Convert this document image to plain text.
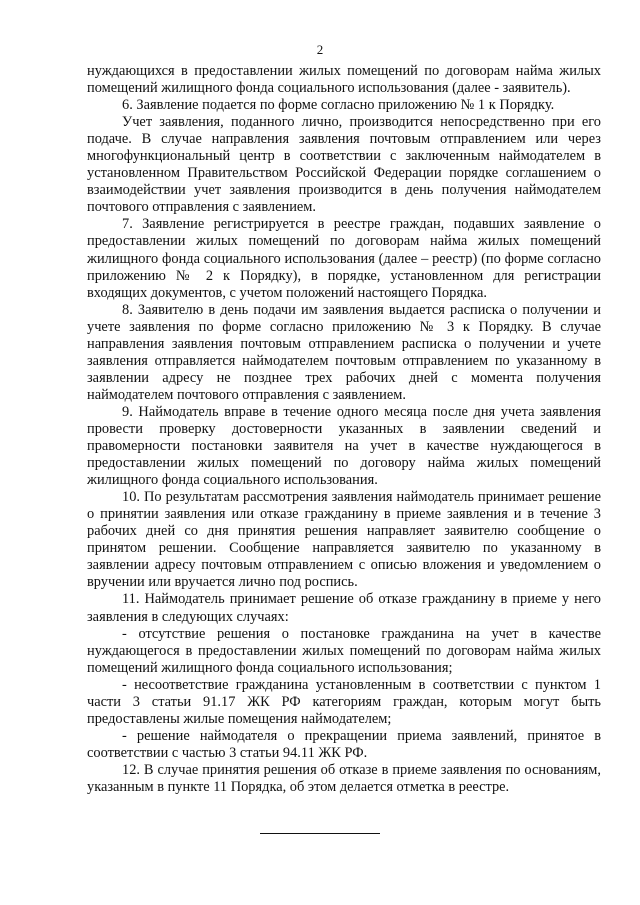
2

нуждающихся в предоставлении жилых помещений по договорам найма жилых помещений жилищного фонда социального использования (далее - заявитель).

6. Заявление подается по форме согласно приложению № 1 к Порядку.

Учет заявления, поданного лично, производится непосредственно при его подаче. В случае направления заявления почтовым отправлением или через многофункциональный центр в соответствии с заключенным наймодателем в установленном Правительством Российской Федерации порядке соглашением о взаимодействии учет заявления производится в день получения наймодателем почтового отправления с заявлением.

7. Заявление регистрируется в реестре граждан, подавших заявление о предоставлении жилых помещений по договорам найма жилых помещений жилищного фонда социального использования (далее – реестр) (по форме согласно приложению № 2 к Порядку), в порядке, установленном для регистрации входящих документов, с учетом положений настоящего Порядка.

8. Заявителю в день подачи им заявления выдается расписка о получении и учете заявления по форме согласно приложению № 3 к Порядку. В случае направления заявления почтовым отправлением расписка о получении и учете заявления отправляется наймодателем почтовым отправлением по указанному в заявлении адресу не позднее трех рабочих дней с момента получения наймодателем почтового отправления с заявлением.

9. Наймодатель вправе в течение одного месяца после дня учета заявления провести проверку достоверности указанных в заявлении сведений и правомерности постановки заявителя на учет в качестве нуждающегося в предоставлении жилых помещений по договору найма жилых помещений жилищного фонда социального использования.

10. По результатам рассмотрения заявления наймодатель принимает решение о принятии заявления или отказе гражданину в приеме заявления и в течение 3 рабочих дней со дня принятия решения направляет заявителю сообщение о принятом решении. Сообщение направляется заявителю по указанному в заявлении адресу почтовым отправлением с описью вложения и уведомлением о вручении или вручается лично под роспись.

11. Наймодатель принимает решение об отказе гражданину в приеме у него заявления в следующих случаях:

- отсутствие решения о постановке гражданина на учет в качестве нуждающегося в предоставлении жилых помещений по договорам найма жилых помещений жилищного фонда социального использования;

- несоответствие гражданина установленным в соответствии с пунктом 1 части 3 статьи 91.17 ЖК РФ категориям граждан, которым могут быть предоставлены жилые помещения наймодателем;

- решение наймодателя о прекращении приема заявлений, принятое в соответствии с частью 3 статьи 94.11 ЖК РФ.

12. В случае принятия решения об отказе в приеме заявления по основаниям, указанным в пункте 11 Порядка, об этом делается отметка в реестре.
